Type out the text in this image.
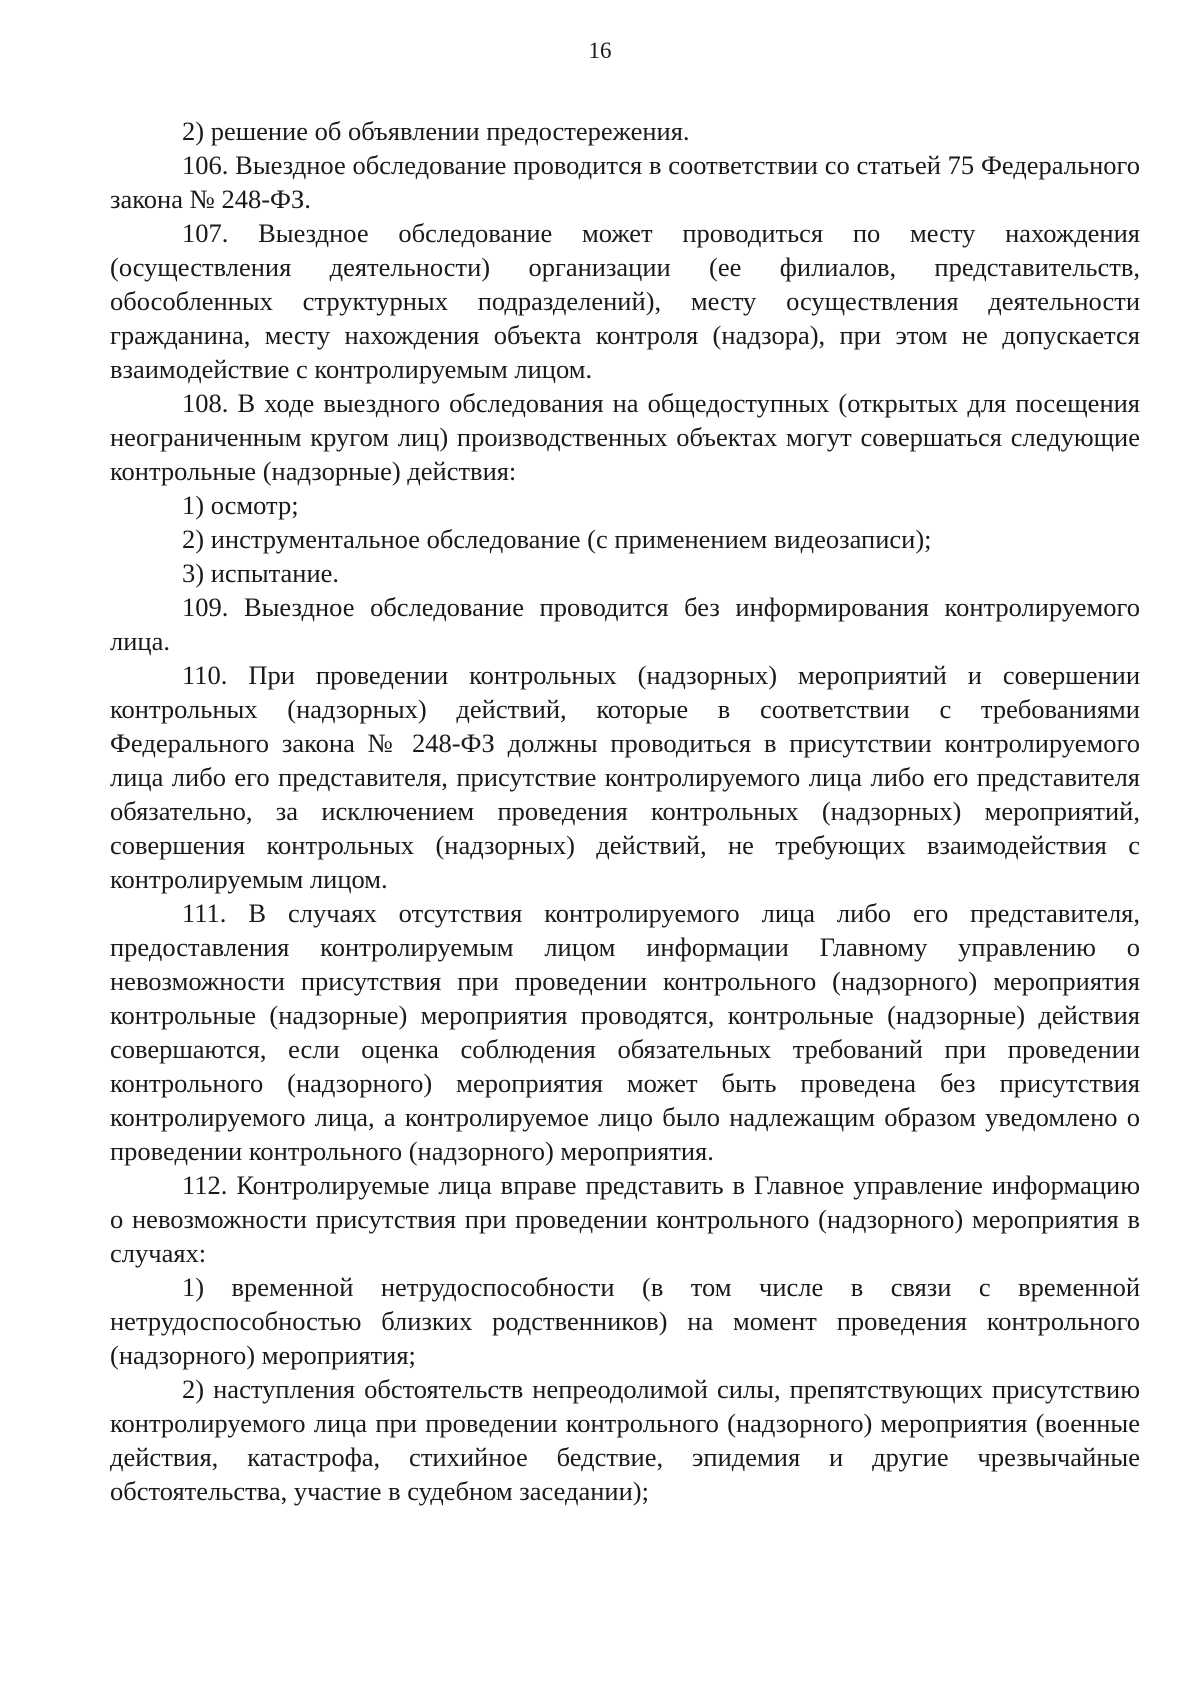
16

2) решение об объявлении предостережения.

106. Выездное обследование проводится в соответствии со статьей 75 Федерального закона № 248-ФЗ.

107. Выездное обследование может проводиться по месту нахождения (осуществления деятельности) организации (ее филиалов, представительств, обособленных структурных подразделений), месту осуществления деятельности гражданина, месту нахождения объекта контроля (надзора), при этом не допускается взаимодействие с контролируемым лицом.

108. В ходе выездного обследования на общедоступных (открытых для посещения неограниченным кругом лиц) производственных объектах могут совершаться следующие контрольные (надзорные) действия:

1) осмотр;

2) инструментальное обследование (с применением видеозаписи);

3) испытание.

109. Выездное обследование проводится без информирования контролируемого лица.

110. При проведении контрольных (надзорных) мероприятий и совершении контрольных (надзорных) действий, которые в соответствии с требованиями Федерального закона № 248-ФЗ должны проводиться в присутствии контролируемого лица либо его представителя, присутствие контролируемого лица либо его представителя обязательно, за исключением проведения контрольных (надзорных) мероприятий, совершения контрольных (надзорных) действий, не требующих взаимодействия с контролируемым лицом.

111. В случаях отсутствия контролируемого лица либо его представителя, предоставления контролируемым лицом информации Главному управлению о невозможности присутствия при проведении контрольного (надзорного) мероприятия контрольные (надзорные) мероприятия проводятся, контрольные (надзорные) действия совершаются, если оценка соблюдения обязательных требований при проведении контрольного (надзорного) мероприятия может быть проведена без присутствия контролируемого лица, а контролируемое лицо было надлежащим образом уведомлено о проведении контрольного (надзорного) мероприятия.

112. Контролируемые лица вправе представить в Главное управление информацию о невозможности присутствия при проведении контрольного (надзорного) мероприятия в случаях:

1) временной нетрудоспособности (в том числе в связи с временной нетрудоспособностью близких родственников) на момент проведения контрольного (надзорного) мероприятия;

2) наступления обстоятельств непреодолимой силы, препятствующих присутствию контролируемого лица при проведении контрольного (надзорного) мероприятия (военные действия, катастрофа, стихийное бедствие, эпидемия и другие чрезвычайные обстоятельства, участие в судебном заседании);
